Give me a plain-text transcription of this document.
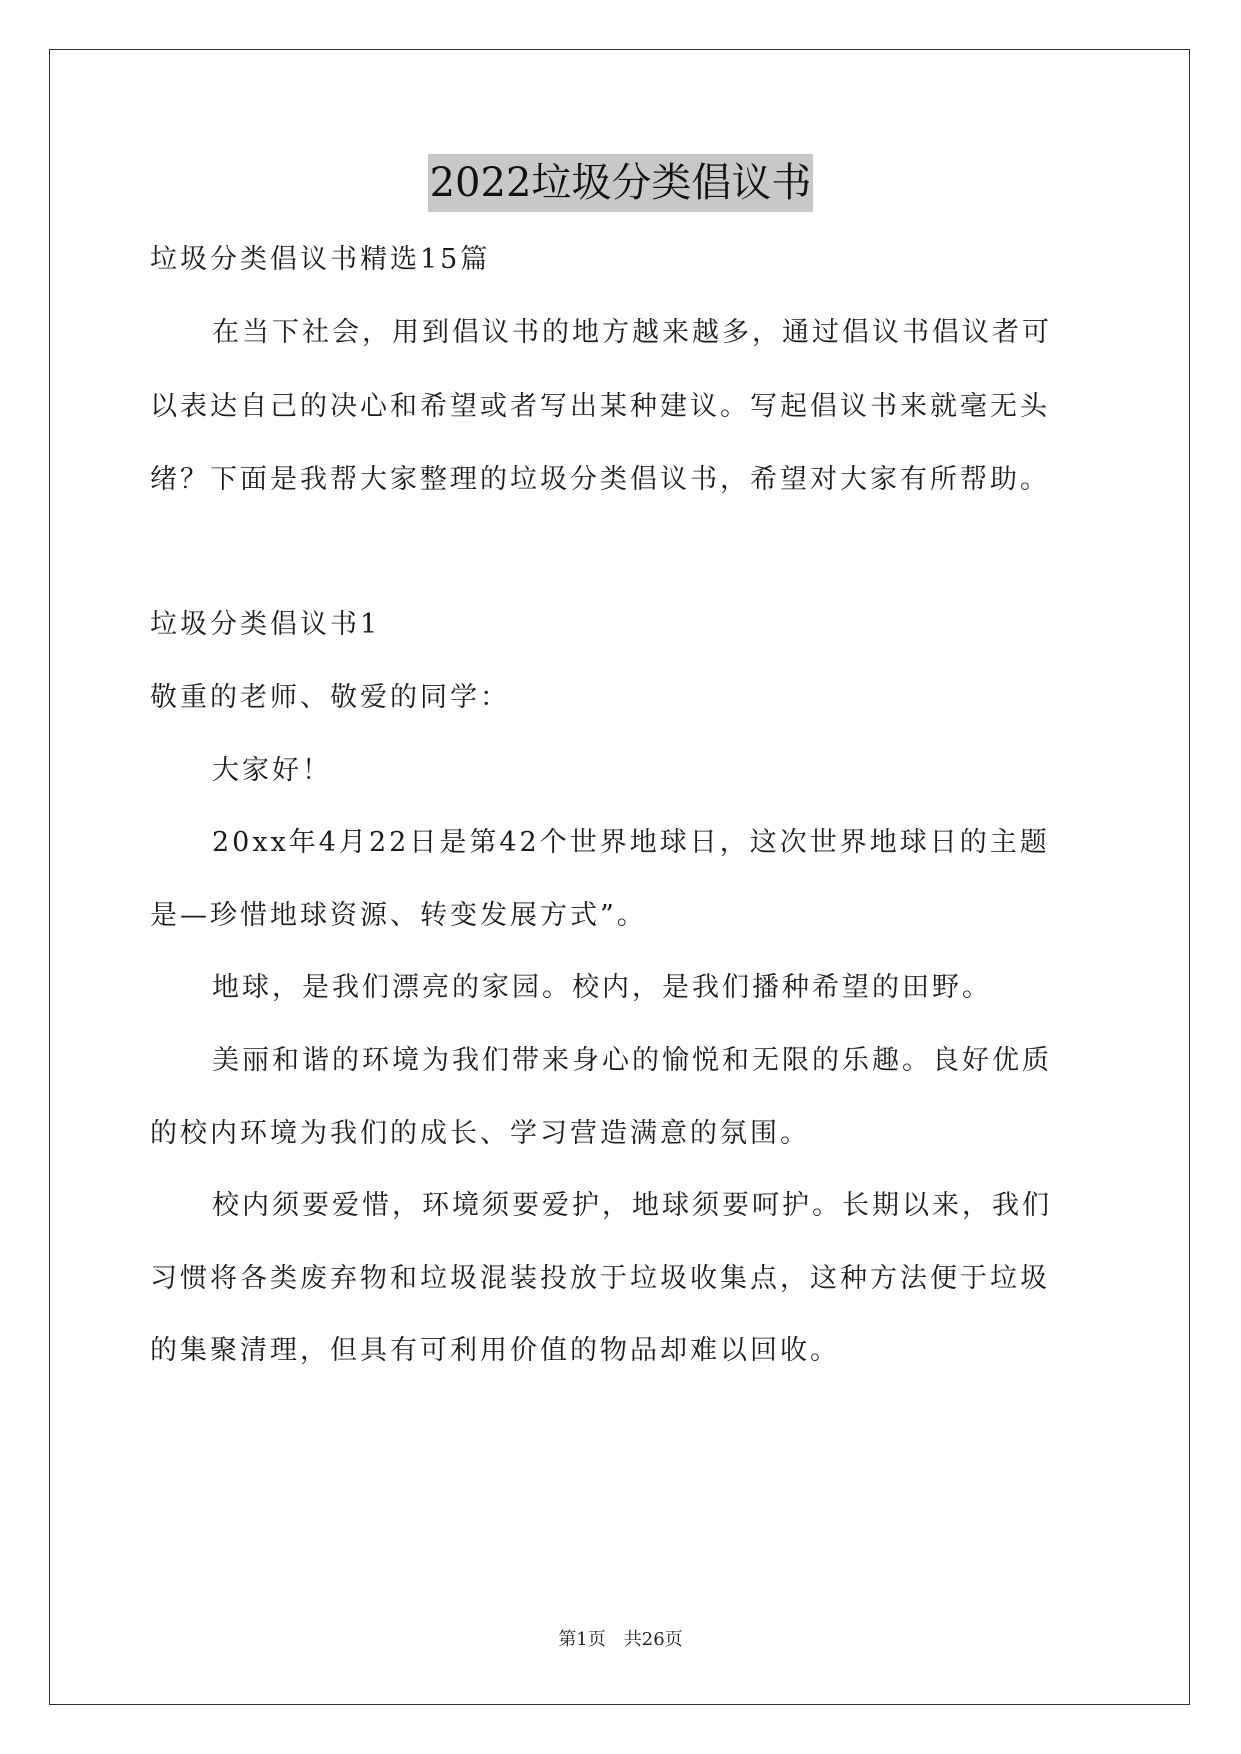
2022垃圾分类倡议书
垃圾分类倡议书精选15篇
在当下社会，用到倡议书的地方越来越多，通过倡议书倡议者可
以表达自己的决心和希望或者写出某种建议。写起倡议书来就毫无头
绪？下面是我帮大家整理的垃圾分类倡议书，希望对大家有所帮助。
垃圾分类倡议书1
敬重的老师、敬爱的同学：
大家好！
20xx年4月22日是第42个世界地球日，这次世界地球日的主题
是—珍惜地球资源、转变发展方式”。
地球，是我们漂亮的家园。校内，是我们播种希望的田野。
美丽和谐的环境为我们带来身心的愉悦和无限的乐趣。良好优质
的校内环境为我们的成长、学习营造满意的氛围。
校内须要爱惜，环境须要爱护，地球须要呵护。长期以来，我们
习惯将各类废弃物和垃圾混装投放于垃圾收集点，这种方法便于垃圾
的集聚清理，但具有可利用价值的物品却难以回收。
第1页 共26页
